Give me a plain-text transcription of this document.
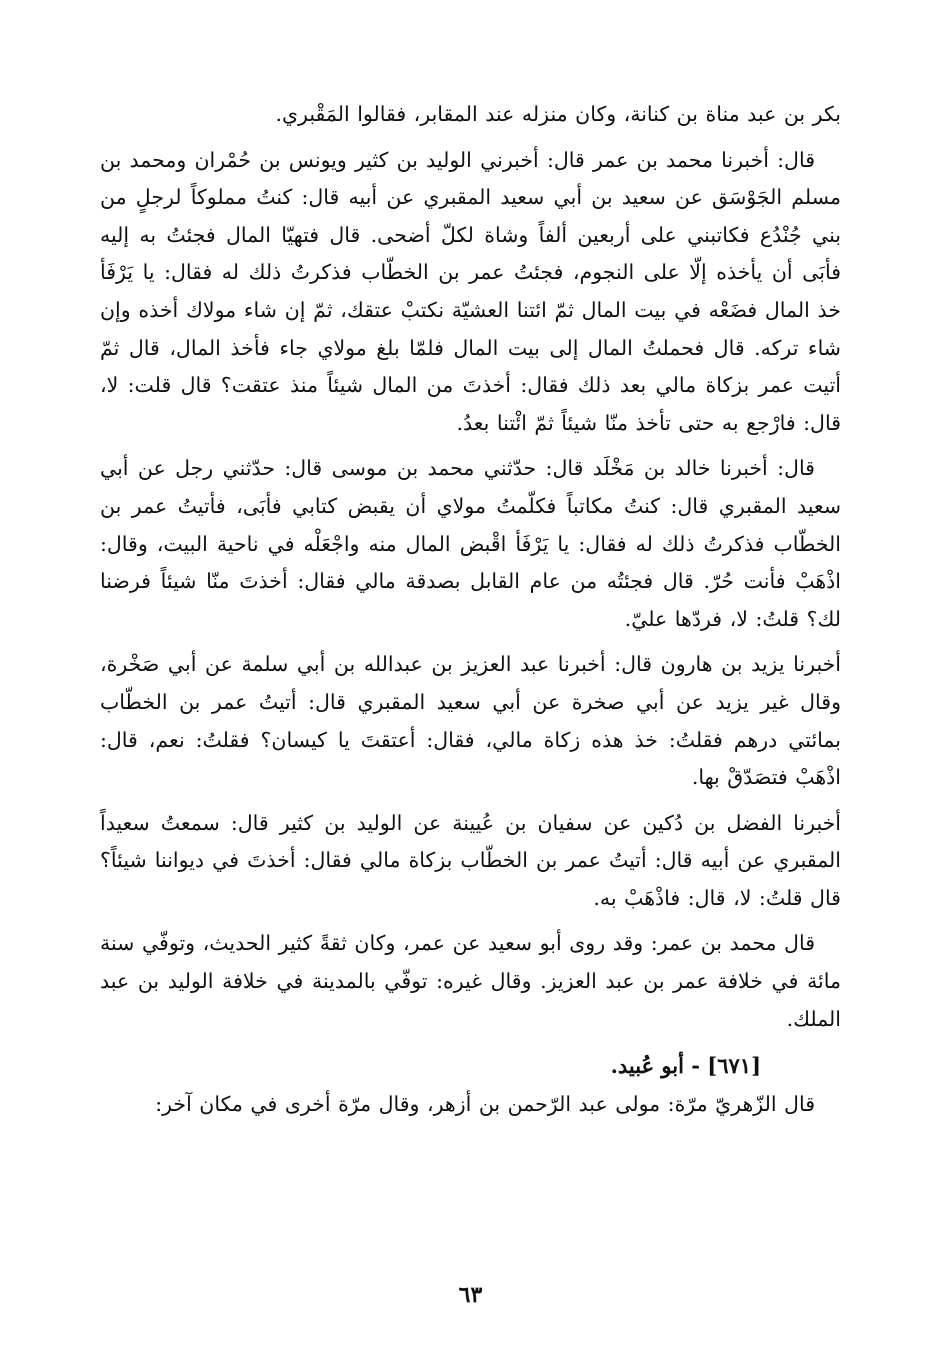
بكر بن عبد مناة بن كنانة، وكان منزله عند المقابر، فقالوا المَقْبري.

قال: أخبرنا محمد بن عمر قال: أخبرني الوليد بن كثير ويونس بن حُمْران ومحمد بن مسلم الجَوْسَق عن سعيد بن أبي سعيد المقبري عن أبيه قال: كنتُ مملوكاً لرجلٍ من بني جُنْدُع فكاتبني على أربعين ألفاً وشاة لكلّ أضحى. قال فتهيّا المال فجئتُ به إليه فأبَى أن يأخذه إلّا على النجوم، فجئتُ عمر بن الخطّاب فذكرتُ ذلك له فقال: يا يَرْفَأ خذ المال فضَعْه في بيت المال ثمّ ائتنا العشيّة نكتبْ عتقك، ثمّ إن شاء مولاك أخذه وإن شاء تركه. قال فحملتُ المال إلى بيت المال فلمّا بلغ مولاي جاء فأخذ المال، قال ثمّ أتيت عمر بزكاة مالي بعد ذلك فقال: أخذتَ من المال شيئاً منذ عتقت؟ قال قلت: لا، قال: فارْجع به حتى تأخذ منّا شيئاً ثمّ ائْتنا بعدُ.

قال: أخبرنا خالد بن مَخْلَد قال: حدّثني محمد بن موسى قال: حدّثني رجل عن أبي سعيد المقبري قال: كنتُ مكاتباً فكلّمتُ مولاي أن يقبض كتابي فأبَى، فأتيتُ عمر بن الخطّاب فذكرتُ ذلك له فقال: يا يَرْفَأ اقْبض المال منه واجْعَلْه في ناحية البيت، وقال: اذْهَبْ فأنت حُرّ. قال فجئتُه من عام القابل بصدقة مالي فقال: أخذتَ منّا شيئاً فرضنا لك؟ قلتُ: لا، فردّها عليّ.

أخبرنا يزيد بن هارون قال: أخبرنا عبد العزيز بن عبدالله بن أبي سلمة عن أبي صَخْرة، وقال غير يزيد عن أبي صخرة عن أبي سعيد المقبري قال: أتيتُ عمر بن الخطّاب بمائتي درهم فقلتُ: خذ هذه زكاة مالي، فقال: أعتقتَ يا كيسان؟ فقلتُ: نعم، قال: اذْهَبْ فتصَدّقْ بها.

أخبرنا الفضل بن دُكين عن سفيان بن عُيينة عن الوليد بن كثير قال: سمعتُ سعيداً المقبري عن أبيه قال: أتيتُ عمر بن الخطّاب بزكاة مالي فقال: أخذتَ في ديواننا شيئاً؟ قال قلتُ: لا، قال: فاذْهَبْ به.

قال محمد بن عمر: وقد روى أبو سعيد عن عمر، وكان ثقةً كثير الحديث، وتوفّي سنة مائة في خلافة عمر بن عبد العزيز. وقال غيره: توفّي بالمدينة في خلافة الوليد بن عبد الملك.

[٦٧١] - أبو عُبيد.

قال الزّهريّ مرّة: مولى عبد الرّحمن بن أزهر، وقال مرّة أخرى في مكان آخر:

٦٣
